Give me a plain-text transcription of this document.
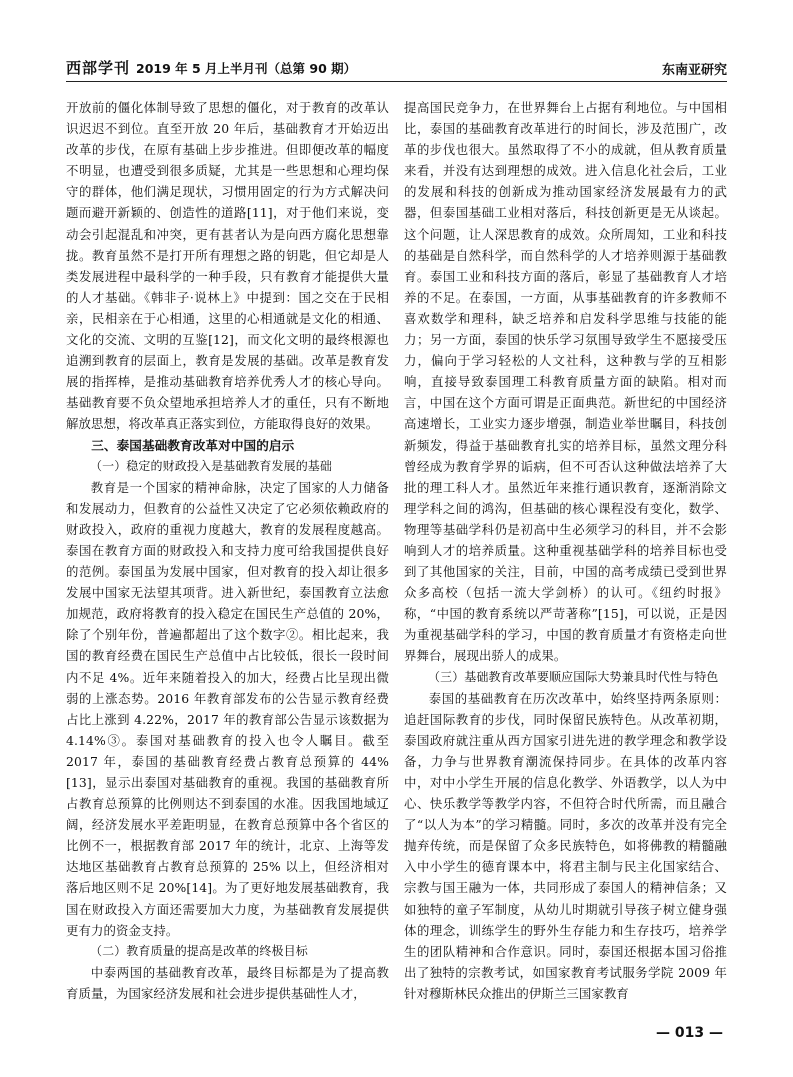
西部学刊 2019 年 5 月上半月刊（总第 90 期）	东南亚研究

开放前的僵化体制导致了思想的僵化，对于教育的改革认识迟迟不到位。直至开放 20 年后，基础教育才开始迈出改革的步伐，在原有基础上步步推进。但即便改革的幅度不明显，也遭受到很多质疑，尤其是一些思想和心理均保守的群体，他们满足现状，习惯用固定的行为方式解决问题而避开新颖的、创造性的道路[11]，对于他们来说，变动会引起混乱和冲突，更有甚者认为是向西方腐化思想靠拢。教育虽然不是打开所有理想之路的钥匙，但它却是人类发展进程中最科学的一种手段，只有教育才能提供大量的人才基础。《韩非子·说林上》中提到：国之交在于民相亲，民相亲在于心相通，这里的心相通就是文化的相通、文化的交流、文明的互鉴[12]，而文化文明的最终根源也追溯到教育的层面上，教育是发展的基础。改革是教育发展的指挥棒，是推动基础教育培养优秀人才的核心导向。基础教育要不负众望地承担培养人才的重任，只有不断地解放思想，将改革真正落实到位，方能取得良好的效果。

三、泰国基础教育改革对中国的启示

（一）稳定的财政投入是基础教育发展的基础

教育是一个国家的精神命脉，决定了国家的人力储备和发展动力，但教育的公益性又决定了它必须依赖政府的财政投入，政府的重视力度越大，教育的发展程度越高。泰国在教育方面的财政投入和支持力度可给我国提供良好的范例。泰国虽为发展中国家，但对教育的投入却让很多发展中国家无法望其项背。进入新世纪，泰国教育立法愈加规范，政府将教育的投入稳定在国民生产总值的 20%，除了个别年份，普遍都超出了这个数字②。相比起来，我国的教育经费在国民生产总值中占比较低，很长一段时间内不足 4%。近年来随着投入的加大，经费占比呈现出微弱的上涨态势。2016 年教育部发布的公告显示教育经费占比上涨到 4.22%，2017 年的教育部公告显示该数据为 4.14%③。泰国对基础教育的投入也令人瞩目。截至 2017 年，泰国的基础教育经费占教育总预算的 44%[13]，显示出泰国对基础教育的重视。我国的基础教育所占教育总预算的比例则达不到泰国的水准。因我国地域辽阔，经济发展水平差距明显，在教育总预算中各个省区的比例不一，根据教育部 2017 年的统计，北京、上海等发达地区基础教育占教育总预算的 25% 以上，但经济相对落后地区则不足 20%[14]。为了更好地发展基础教育，我国在财政投入方面还需要加大力度，为基础教育发展提供更有力的资金支持。

（二）教育质量的提高是改革的终极目标

中泰两国的基础教育改革，最终目标都是为了提高教育质量，为国家经济发展和社会进步提供基础性人才，

提高国民竞争力，在世界舞台上占据有利地位。与中国相比，泰国的基础教育改革进行的时间长，涉及范围广，改革的步伐也很大。虽然取得了不小的成就，但从教育质量来看，并没有达到理想的成效。进入信息化社会后，工业的发展和科技的创新成为推动国家经济发展最有力的武器，但泰国基础工业相对落后，科技创新更是无从谈起。这个问题，让人深思教育的成效。众所周知，工业和科技的基础是自然科学，而自然科学的人才培养则源于基础教育。泰国工业和科技方面的落后，彰显了基础教育人才培养的不足。在泰国，一方面，从事基础教育的许多教师不喜欢数学和理科，缺乏培养和启发科学思维与技能的能力；另一方面，泰国的快乐学习氛围导致学生不愿接受压力，偏向于学习轻松的人文社科，这种教与学的互相影响，直接导致泰国理工科教育质量方面的缺陷。相对而言，中国在这个方面可谓是正面典范。新世纪的中国经济高速增长，工业实力逐步增强，制造业举世瞩目，科技创新频发，得益于基础教育扎实的培养目标，虽然文理分科曾经成为教育学界的诟病，但不可否认这种做法培养了大批的理工科人才。虽然近年来推行通识教育，逐渐消除文理学科之间的鸿沟，但基础的核心课程没有变化，数学、物理等基础学科仍是初高中生必须学习的科目，并不会影响到人才的培养质量。这种重视基础学科的培养目标也受到了其他国家的关注，目前，中国的高考成绩已受到世界众多高校（包括一流大学剑桥）的认可。《纽约时报》称，“中国的教育系统以严苛著称”[15]，可以说，正是因为重视基础学科的学习，中国的教育质量才有资格走向世界舞台，展现出骄人的成果。

（三）基础教育改革要顺应国际大势兼具时代性与特色

泰国的基础教育在历次改革中，始终坚持两条原则：追赶国际教育的步伐，同时保留民族特色。从改革初期，泰国政府就注重从西方国家引进先进的教学理念和教学设备，力争与世界教育潮流保持同步。在具体的改革内容中，对中小学生开展的信息化教学、外语教学，以人为中心、快乐教学等教学内容，不但符合时代所需，而且融合了“以人为本”的学习精髓。同时，多次的改革并没有完全抛弃传统，而是保留了众多民族特色，如将佛教的精髓融入中小学生的德育课本中，将君主制与民主化国家结合、宗教与国王融为一体，共同形成了泰国人的精神信条；又如独特的童子军制度，从幼儿时期就引导孩子树立健身强体的理念，训练学生的野外生存能力和生存技巧，培养学生的团队精神和合作意识。同时，泰国还根据本国习俗推出了独特的宗教考试，如国家教育考试服务学院 2009 年针对穆斯林民众推出的伊斯兰三国家教育

— 013 —
